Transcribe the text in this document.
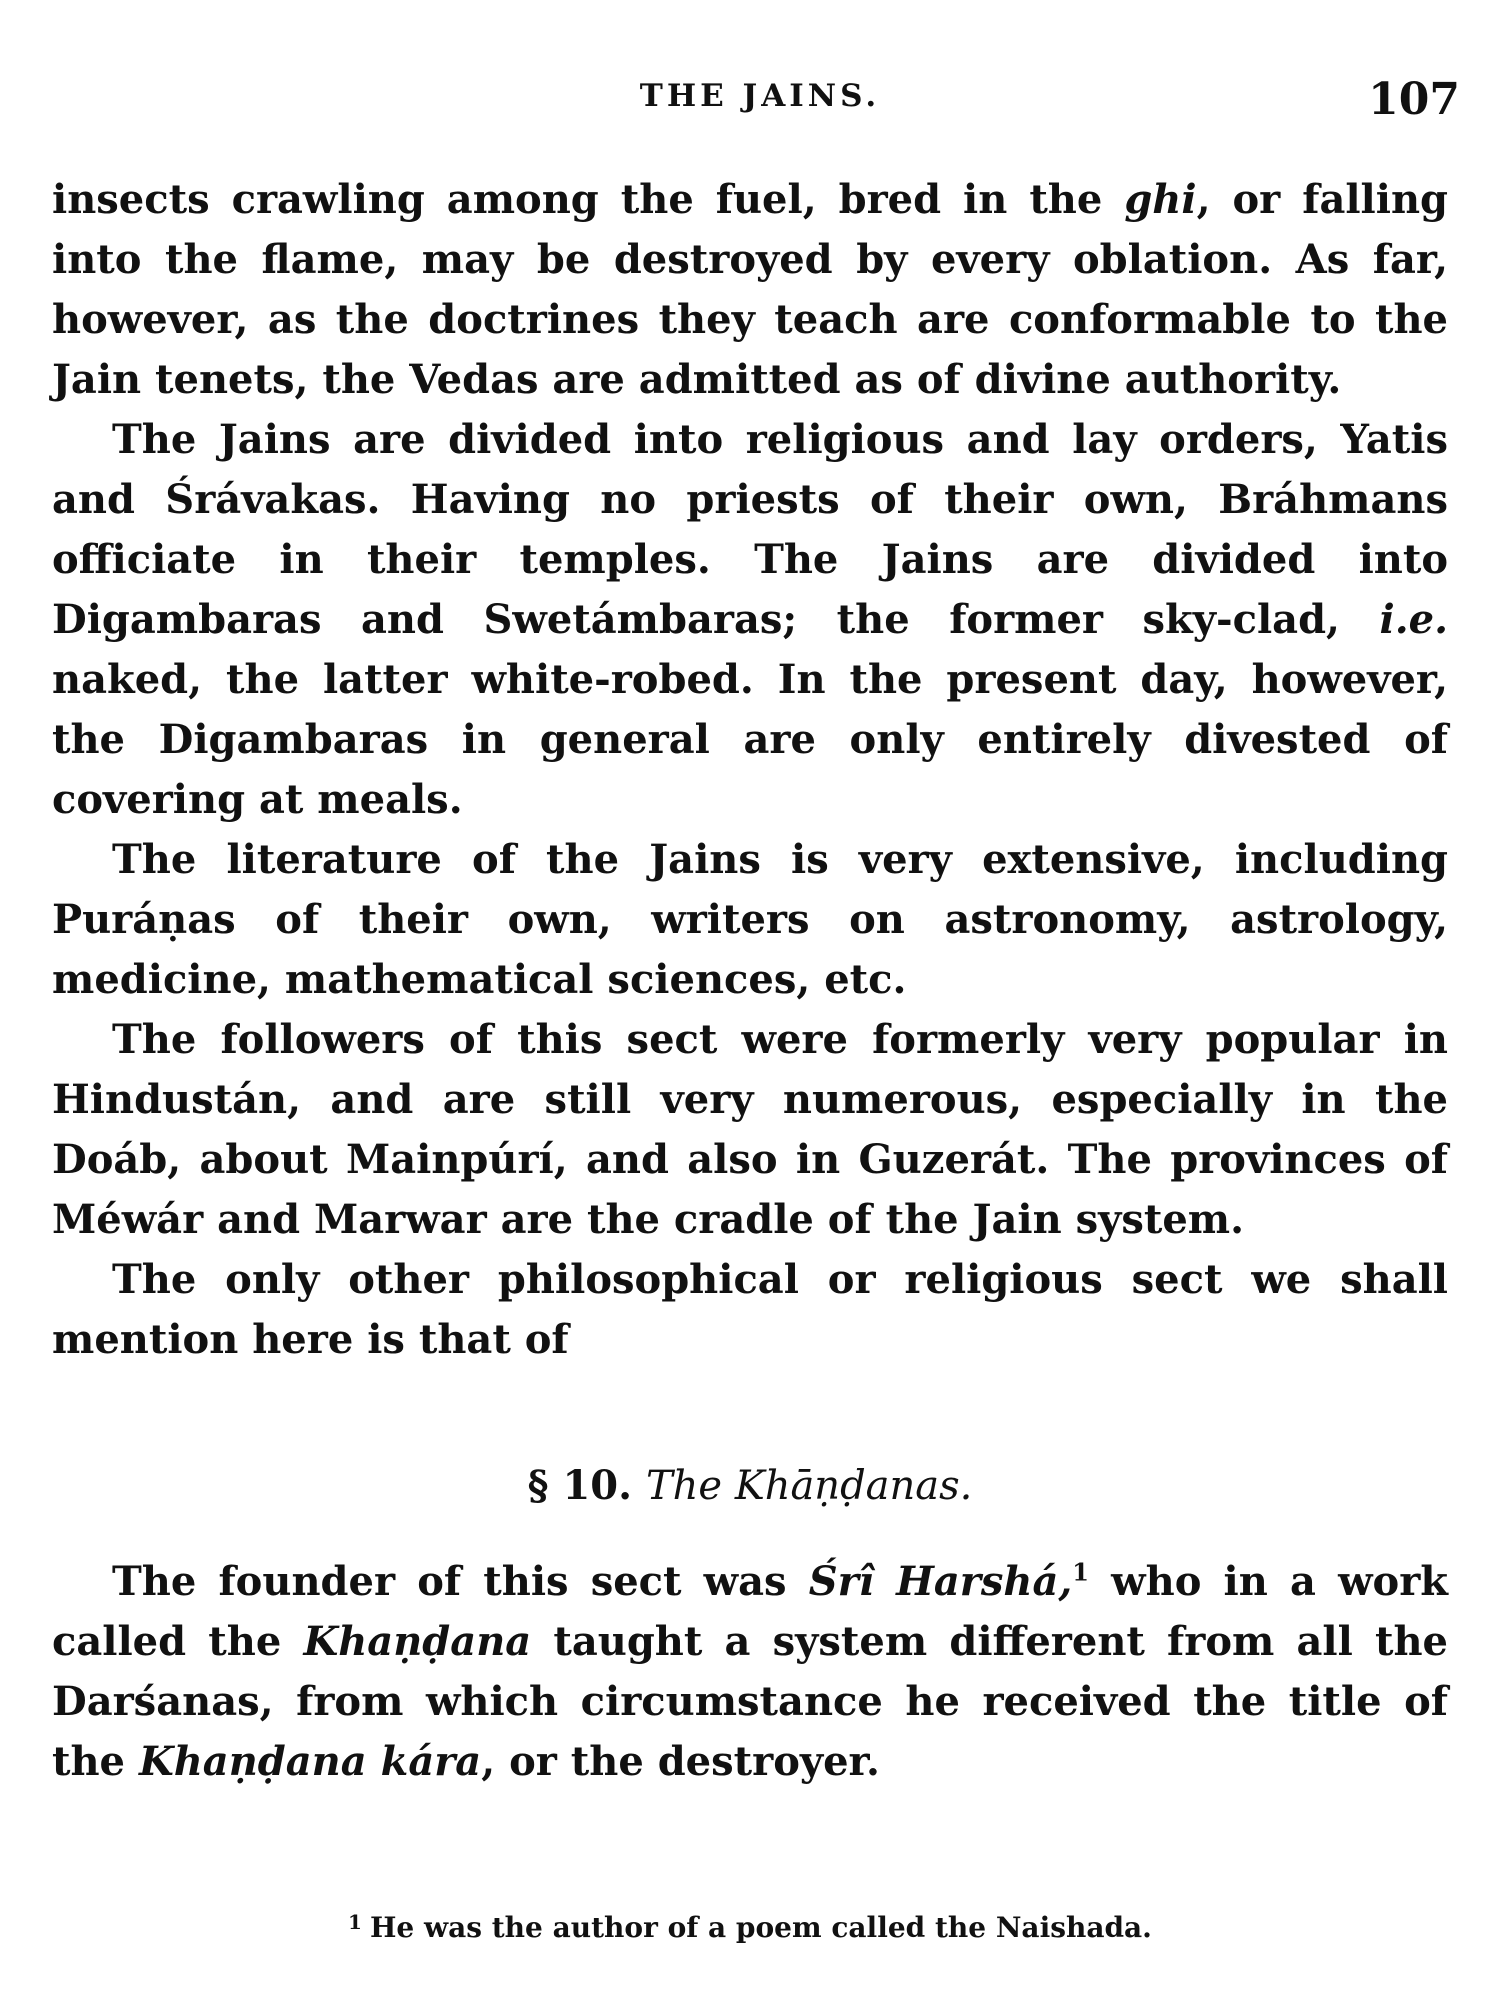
THE JAINS.	107

insects crawling among the fuel, bred in the ghi, or falling into the flame, may be destroyed by every oblation. As far, however, as the doctrines they teach are conformable to the Jain tenets, the Vedas are admitted as of divine authority.

The Jains are divided into religious and lay orders, Yatis and Śrávakas. Having no priests of their own, Bráhmans officiate in their temples. The Jains are divided into Digambaras and Swetámbaras; the former sky-clad, i.e. naked, the latter white-robed. In the present day, however, the Digambaras in general are only entirely divested of covering at meals.

The literature of the Jains is very extensive, including Puráṇas of their own, writers on astronomy, astrology, medicine, mathematical sciences, etc.

The followers of this sect were formerly very popular in Hindustán, and are still very numerous, especially in the Doáb, about Mainpúrí, and also in Guzerát. The provinces of Méwár and Marwar are the cradle of the Jain system.

The only other philosophical or religious sect we shall mention here is that of

§ 10. The Khāṇḍanas.

The founder of this sect was Śrî Harshá,$^1$ who in a work called the Khaṇḍana taught a system different from all the Darśanas, from which circumstance he received the title of the Khaṇḍana kára, or the destroyer.

$^1$ He was the author of a poem called the Naishada.
